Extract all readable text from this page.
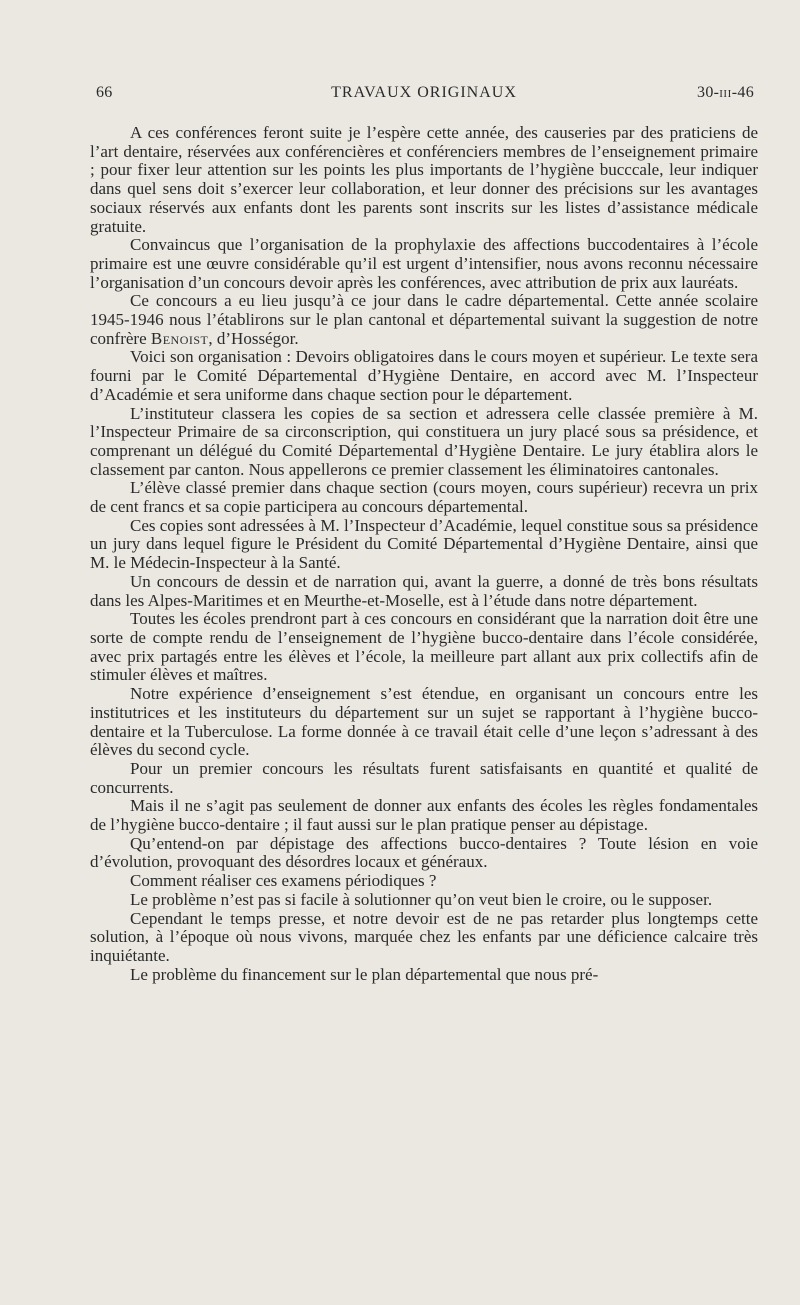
66	TRAVAUX ORIGINAUX	30-iii-46

A ces conférences feront suite je l’espère cette année, des causeries par des praticiens de l’art dentaire, réservées aux conférencières et conférenciers membres de l’enseignement primaire ; pour fixer leur attention sur les points les plus importants de l’hygiène bucccale, leur indiquer dans quel sens doit s’exercer leur collaboration, et leur donner des précisions sur les avantages sociaux réservés aux enfants dont les parents sont inscrits sur les listes d’assistance médicale gratuite.

Convaincus que l’organisation de la prophylaxie des affections buccodentaires à l’école primaire est une œuvre considérable qu’il est urgent d’intensifier, nous avons reconnu nécessaire l’organisation d’un concours devoir après les conférences, avec attribution de prix aux lauréats.

Ce concours a eu lieu jusqu’à ce jour dans le cadre départemental. Cette année scolaire 1945-1946 nous l’établirons sur le plan cantonal et départemental suivant la suggestion de notre confrère Benoist, d’Hosségor.

Voici son organisation : Devoirs obligatoires dans le cours moyen et supérieur. Le texte sera fourni par le Comité Départemental d’Hygiène Dentaire, en accord avec M. l’Inspecteur d’Académie et sera uniforme dans chaque section pour le département.

L’instituteur classera les copies de sa section et adressera celle classée première à M. l’Inspecteur Primaire de sa circonscription, qui constituera un jury placé sous sa présidence, et comprenant un délégué du Comité Départemental d’Hygiène Dentaire. Le jury établira alors le classement par canton. Nous appellerons ce premier classement les éliminatoires cantonales.

L’élève classé premier dans chaque section (cours moyen, cours supérieur) recevra un prix de cent francs et sa copie participera au concours départemental.

Ces copies sont adressées à M. l’Inspecteur d’Académie, lequel constitue sous sa présidence un jury dans lequel figure le Président du Comité Départemental d’Hygiène Dentaire, ainsi que M. le Médecin-Inspecteur à la Santé.

Un concours de dessin et de narration qui, avant la guerre, a donné de très bons résultats dans les Alpes-Maritimes et en Meurthe-et-Moselle, est à l’étude dans notre département.

Toutes les écoles prendront part à ces concours en considérant que la narration doit être une sorte de compte rendu de l’enseignement de l’hygiène bucco-dentaire dans l’école considérée, avec prix partagés entre les élèves et l’école, la meilleure part allant aux prix collectifs afin de stimuler élèves et maîtres.

Notre expérience d’enseignement s’est étendue, en organisant un concours entre les institutrices et les instituteurs du département sur un sujet se rapportant à l’hygiène bucco-dentaire et la Tuberculose. La forme donnée à ce travail était celle d’une leçon s’adressant à des élèves du second cycle.

Pour un premier concours les résultats furent satisfaisants en quantité et qualité de concurrents.

Mais il ne s’agit pas seulement de donner aux enfants des écoles les règles fondamentales de l’hygiène bucco-dentaire ; il faut aussi sur le plan pratique penser au dépistage.

Qu’entend-on par dépistage des affections bucco-dentaires ? Toute lésion en voie d’évolution, provoquant des désordres locaux et généraux.

Comment réaliser ces examens périodiques ?

Le problème n’est pas si facile à solutionner qu’on veut bien le croire, ou le supposer.

Cependant le temps presse, et notre devoir est de ne pas retarder plus longtemps cette solution, à l’époque où nous vivons, marquée chez les enfants par une déficience calcaire très inquiétante.

Le problème du financement sur le plan départemental que nous pré-
